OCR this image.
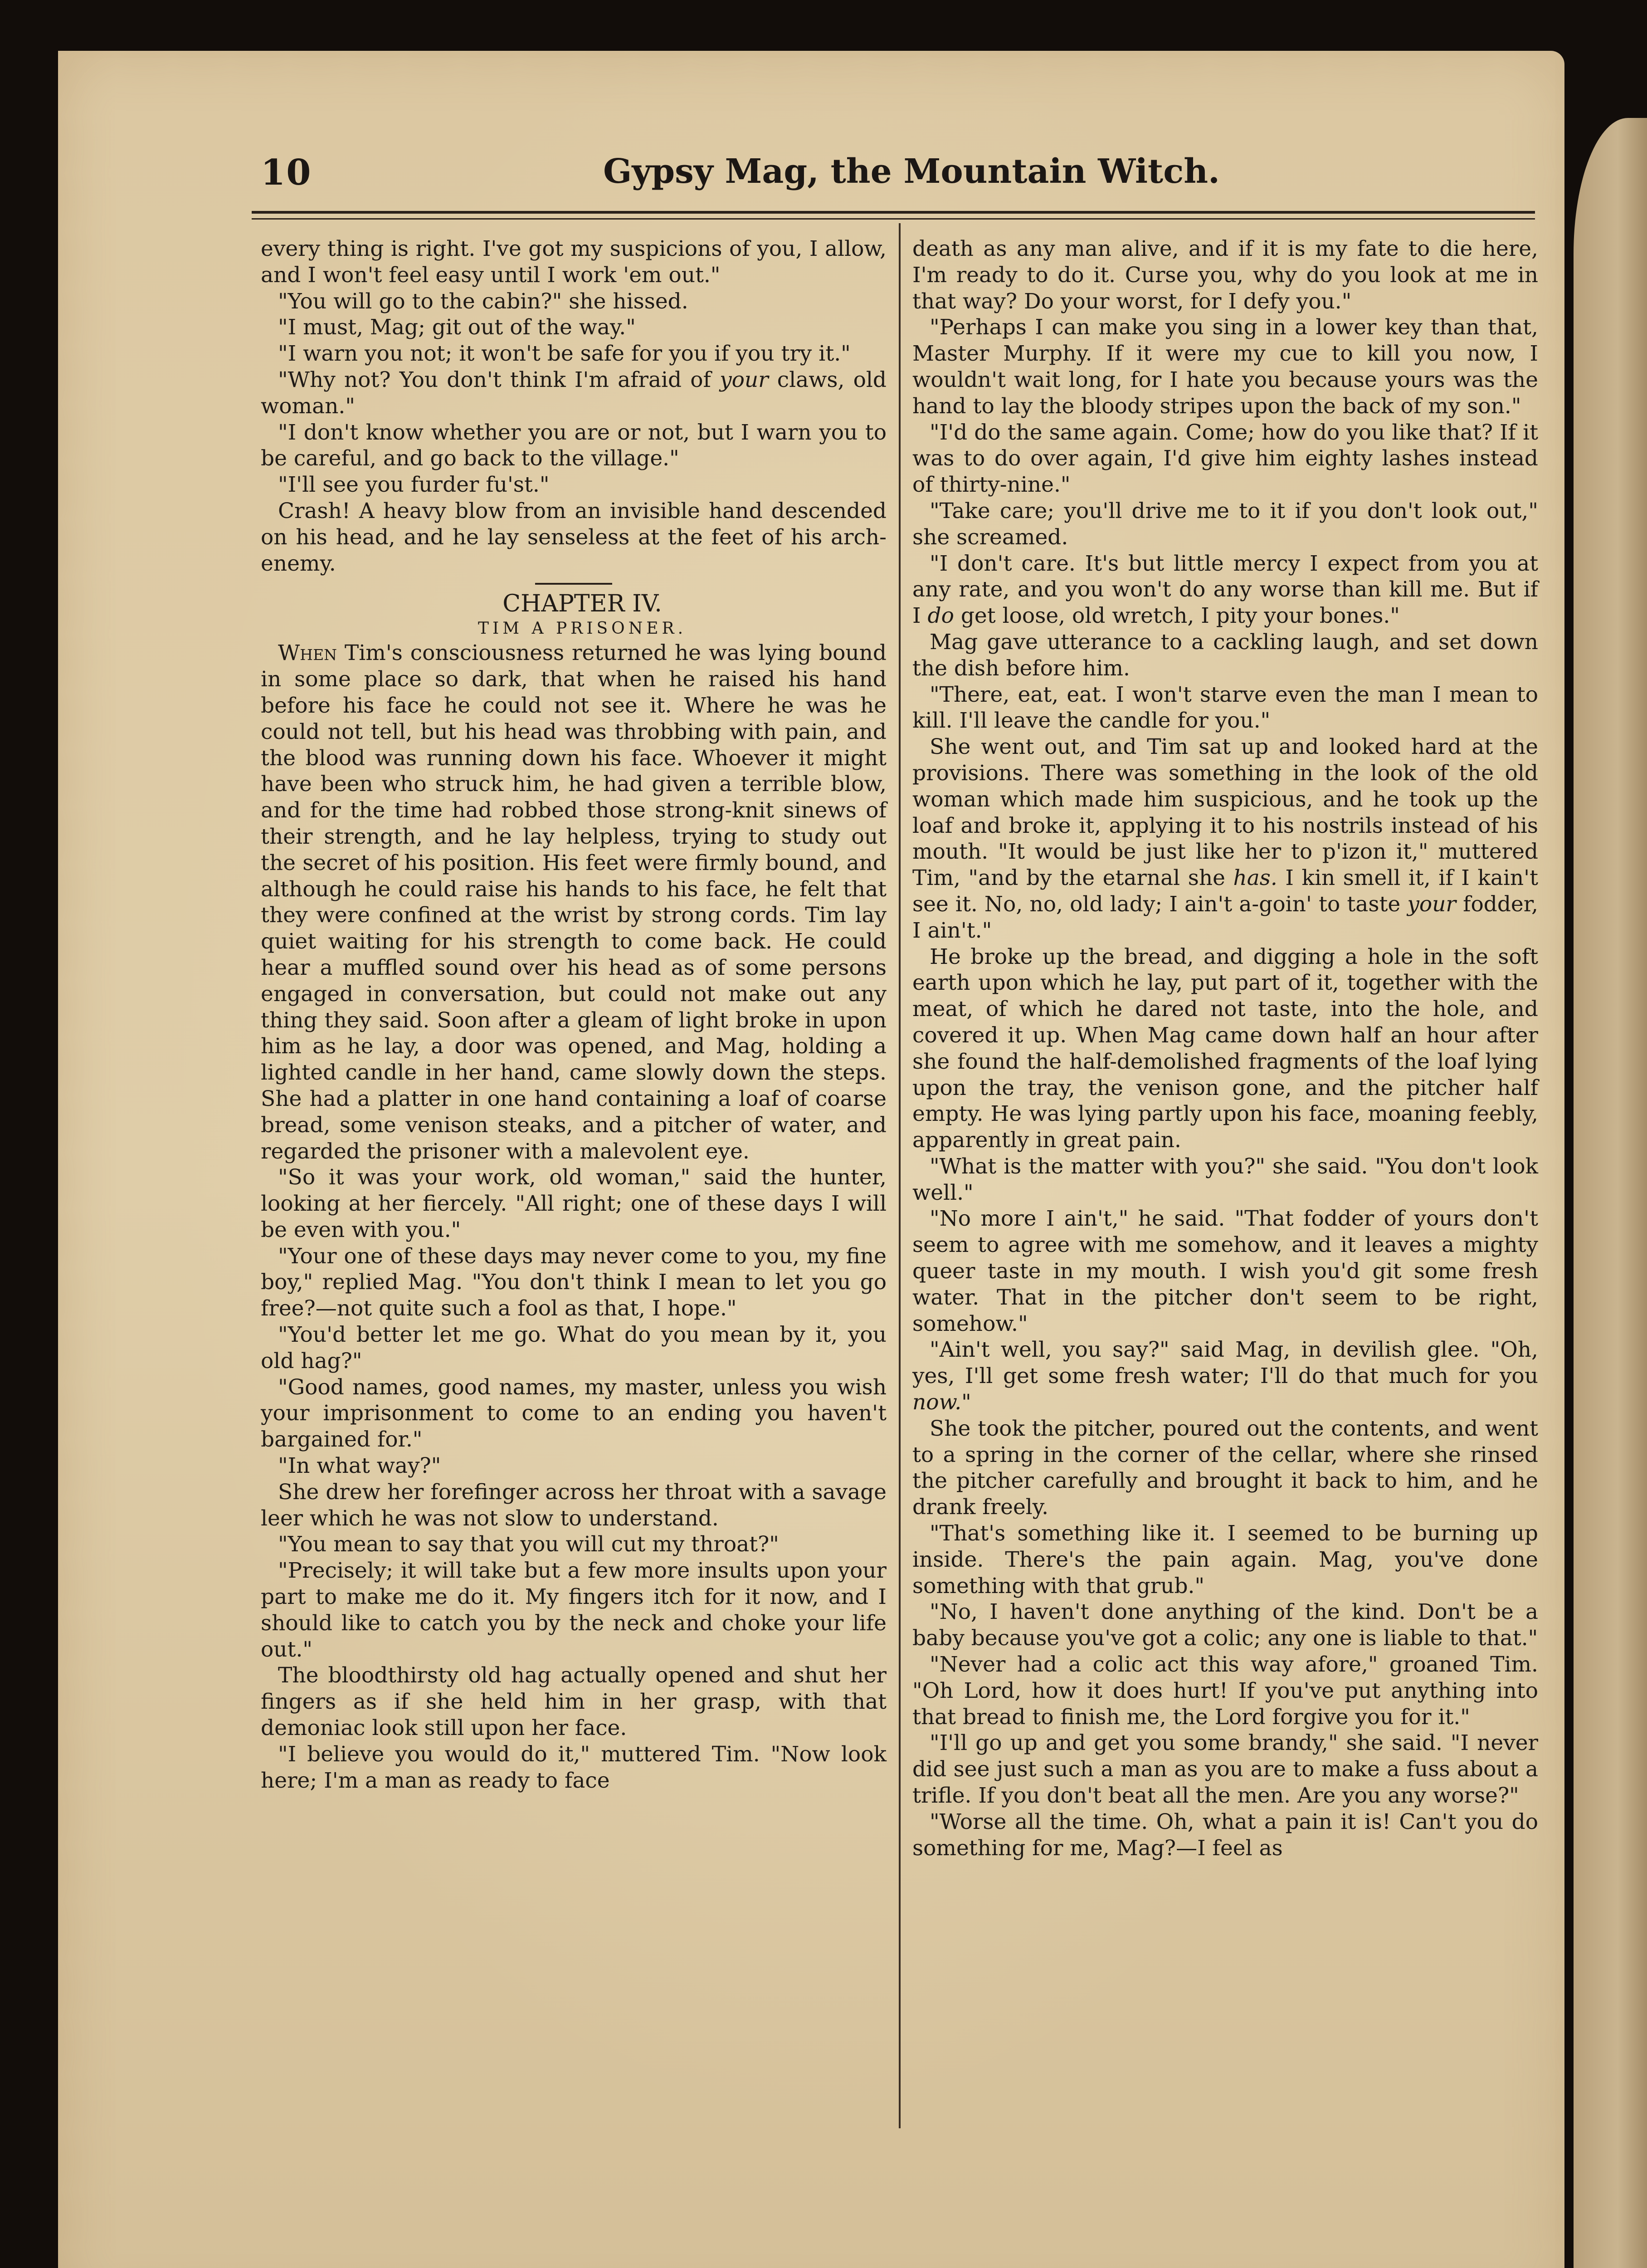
10	Gypsy Mag, the Mountain Witch.

every thing is right. I've got my suspicions of you, I allow, and I won't feel easy until I work 'em out."

"You will go to the cabin?" she hissed.

"I must, Mag; git out of the way."

"I warn you not; it won't be safe for you if you try it."

"Why not? You don't think I'm afraid of your claws, old woman."

"I don't know whether you are or not, but I warn you to be careful, and go back to the village."

"I'll see you furder fu'st."

Crash! A heavy blow from an invisible hand descended on his head, and he lay senseless at the feet of his arch-enemy.

CHAPTER IV.

TIM A PRISONER.

When Tim's consciousness returned he was lying bound in some place so dark, that when he raised his hand before his face he could not see it. Where he was he could not tell, but his head was throbbing with pain, and the blood was running down his face. Whoever it might have been who struck him, he had given a terrible blow, and for the time had robbed those strong-knit sinews of their strength, and he lay helpless, trying to study out the secret of his position. His feet were firmly bound, and although he could raise his hands to his face, he felt that they were confined at the wrist by strong cords. Tim lay quiet waiting for his strength to come back. He could hear a muffled sound over his head as of some persons engaged in conversation, but could not make out any thing they said. Soon after a gleam of light broke in upon him as he lay, a door was opened, and Mag, holding a lighted candle in her hand, came slowly down the steps. She had a platter in one hand containing a loaf of coarse bread, some venison steaks, and a pitcher of water, and regarded the prisoner with a malevolent eye.

"So it was your work, old woman," said the hunter, looking at her fiercely. "All right; one of these days I will be even with you."

"Your one of these days may never come to you, my fine boy," replied Mag. "You don't think I mean to let you go free?—not quite such a fool as that, I hope."

"You'd better let me go. What do you mean by it, you old hag?"

"Good names, good names, my master, unless you wish your imprisonment to come to an ending you haven't bargained for."

"In what way?"

She drew her forefinger across her throat with a savage leer which he was not slow to understand.

"You mean to say that you will cut my throat?"

"Precisely; it will take but a few more insults upon your part to make me do it. My fingers itch for it now, and I should like to catch you by the neck and choke your life out."

The bloodthirsty old hag actually opened and shut her fingers as if she held him in her grasp, with that demoniac look still upon her face.

"I believe you would do it," muttered Tim. "Now look here; I'm a man as ready to face

death as any man alive, and if it is my fate to die here, I'm ready to do it. Curse you, why do you look at me in that way? Do your worst, for I defy you."

"Perhaps I can make you sing in a lower key than that, Master Murphy. If it were my cue to kill you now, I wouldn't wait long, for I hate you because yours was the hand to lay the bloody stripes upon the back of my son."

"I'd do the same again. Come; how do you like that? If it was to do over again, I'd give him eighty lashes instead of thirty-nine."

"Take care; you'll drive me to it if you don't look out," she screamed.

"I don't care. It's but little mercy I expect from you at any rate, and you won't do any worse than kill me. But if I do get loose, old wretch, I pity your bones."

Mag gave utterance to a cackling laugh, and set down the dish before him.

"There, eat, eat. I won't starve even the man I mean to kill. I'll leave the candle for you."

She went out, and Tim sat up and looked hard at the provisions. There was something in the look of the old woman which made him suspicious, and he took up the loaf and broke it, applying it to his nostrils instead of his mouth. "It would be just like her to p'izon it," muttered Tim, "and by the etarnal she has. I kin smell it, if I kain't see it. No, no, old lady; I ain't a-goin' to taste your fodder, I ain't."

He broke up the bread, and digging a hole in the soft earth upon which he lay, put part of it, together with the meat, of which he dared not taste, into the hole, and covered it up. When Mag came down half an hour after she found the half-demolished fragments of the loaf lying upon the tray, the venison gone, and the pitcher half empty. He was lying partly upon his face, moaning feebly, apparently in great pain.

"What is the matter with you?" she said. "You don't look well."

"No more I ain't," he said. "That fodder of yours don't seem to agree with me somehow, and it leaves a mighty queer taste in my mouth. I wish you'd git some fresh water. That in the pitcher don't seem to be right, somehow."

"Ain't well, you say?" said Mag, in devilish glee. "Oh, yes, I'll get some fresh water; I'll do that much for you now."

She took the pitcher, poured out the contents, and went to a spring in the corner of the cellar, where she rinsed the pitcher carefully and brought it back to him, and he drank freely.

"That's something like it. I seemed to be burning up inside. There's the pain again. Mag, you've done something with that grub."

"No, I haven't done anything of the kind. Don't be a baby because you've got a colic; any one is liable to that."

"Never had a colic act this way afore," groaned Tim. "Oh Lord, how it does hurt! If you've put anything into that bread to finish me, the Lord forgive you for it."

"I'll go up and get you some brandy," she said. "I never did see just such a man as you are to make a fuss about a trifle. If you don't beat all the men. Are you any worse?"

"Worse all the time. Oh, what a pain it is! Can't you do something for me, Mag?—I feel as
